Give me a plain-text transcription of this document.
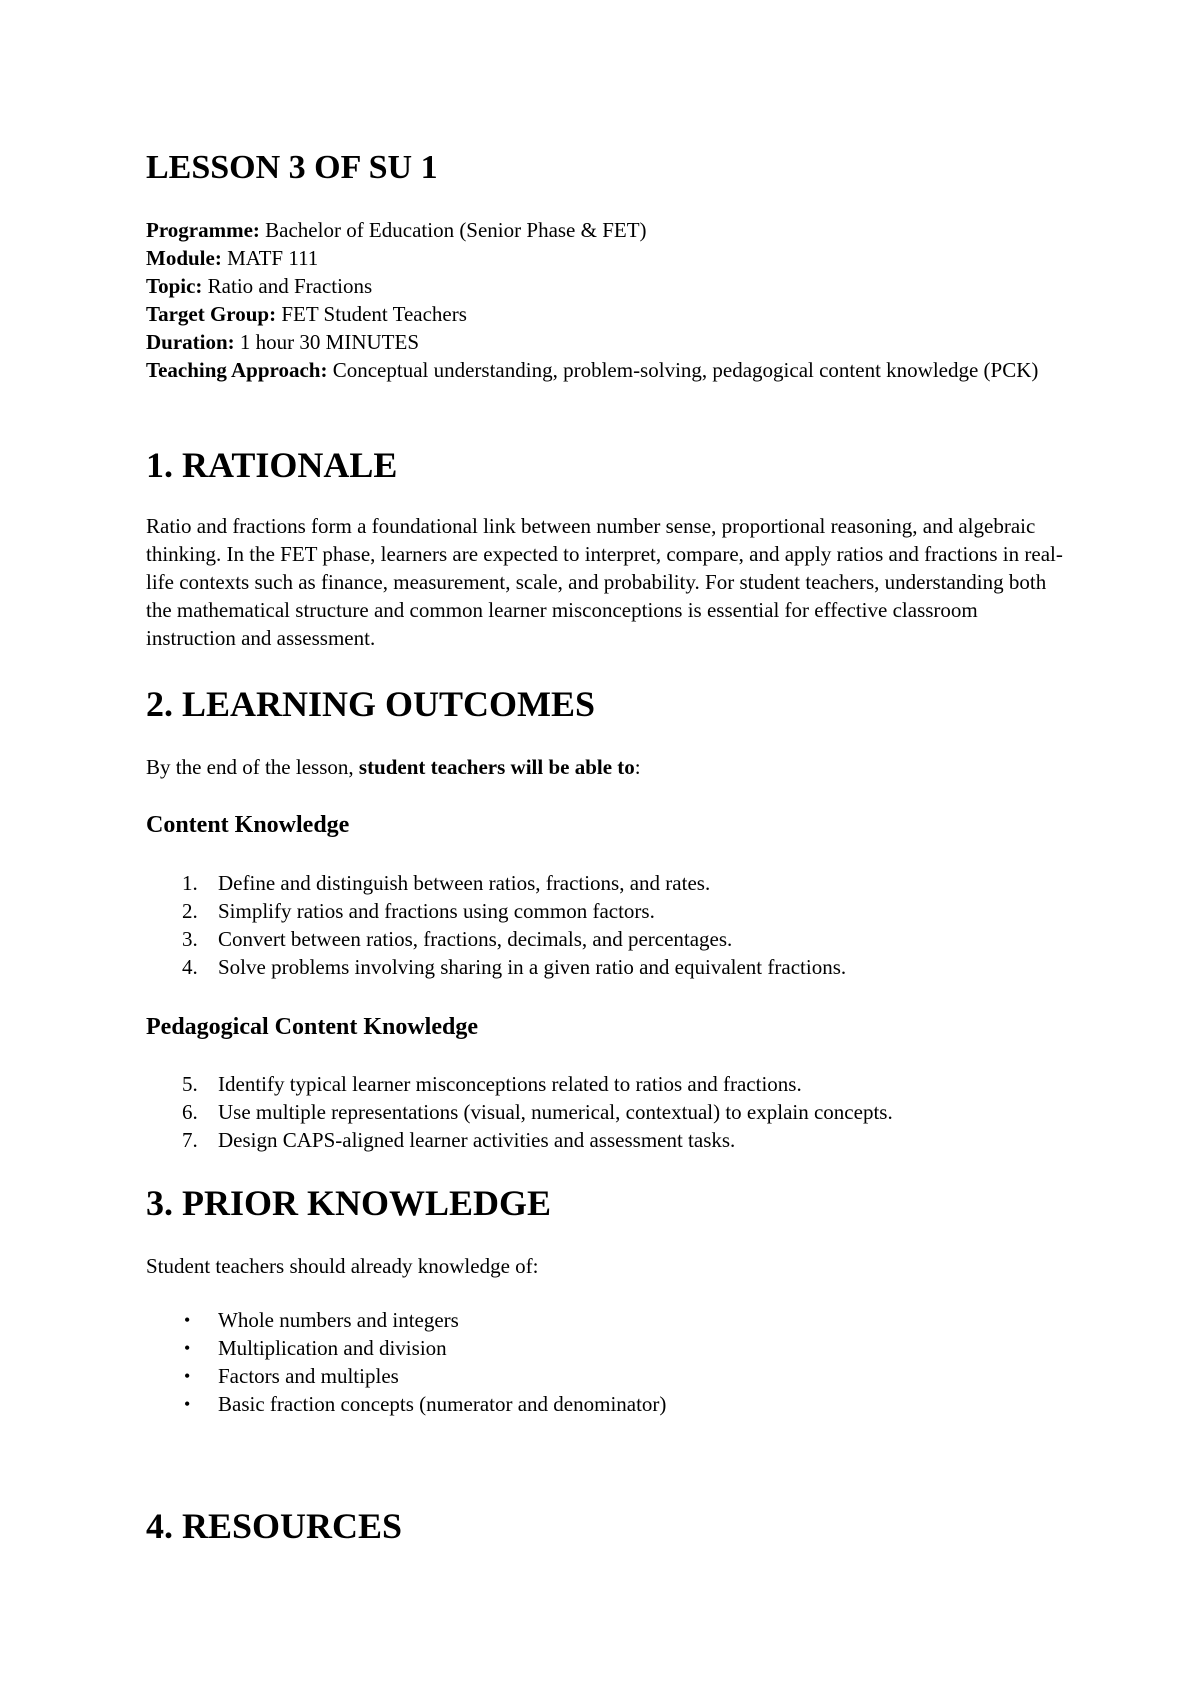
LESSON 3 OF SU 1
Programme: Bachelor of Education (Senior Phase & FET)
Module: MATF 111
Topic: Ratio and Fractions
Target Group: FET Student Teachers
Duration: 1 hour 30 MINUTES
Teaching Approach: Conceptual understanding, problem-solving, pedagogical content knowledge (PCK)
1. RATIONALE

Ratio and fractions form a foundational link between number sense, proportional reasoning, and algebraic thinking. In the FET phase, learners are expected to interpret, compare, and apply ratios and fractions in real-life contexts such as finance, measurement, scale, and probability. For student teachers, understanding both the mathematical structure and common learner misconceptions is essential for effective classroom instruction and assessment.

2. LEARNING OUTCOMES

By the end of the lesson, student teachers will be able to:

Content Knowledge
1. Define and distinguish between ratios, fractions, and rates.
2. Simplify ratios and fractions using common factors.
3. Convert between ratios, fractions, decimals, and percentages.
4. Solve problems involving sharing in a given ratio and equivalent fractions.
Pedagogical Content Knowledge
5. Identify typical learner misconceptions related to ratios and fractions.
6. Use multiple representations (visual, numerical, contextual) to explain concepts.
7. Design CAPS-aligned learner activities and assessment tasks.
3. PRIOR KNOWLEDGE

Student teachers should already knowledge of:

• Whole numbers and integers
• Multiplication and division
• Factors and multiples
• Basic fraction concepts (numerator and denominator)
4. RESOURCES
